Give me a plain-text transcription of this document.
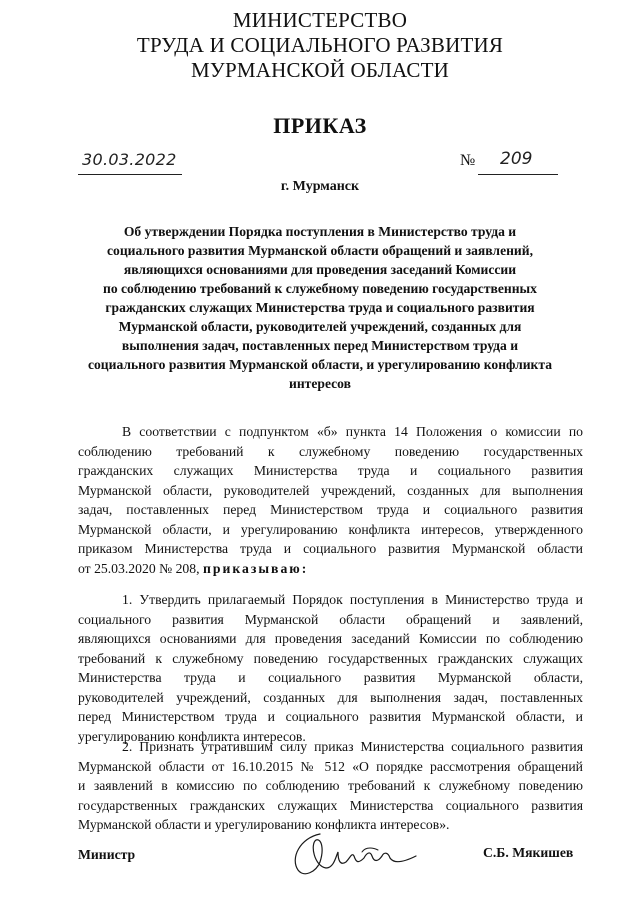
МИНИСТЕРСТВО
ТРУДА И СОЦИАЛЬНОГО РАЗВИТИЯ
МУРМАНСКОЙ ОБЛАСТИ
ПРИКАЗ
30.03.2022	№ 209
г. Мурманск
Об утверждении Порядка поступления в Министерство труда и
социального развития Мурманской области обращений и заявлений,
являющихся основаниями для проведения заседаний Комиссии
по соблюдению требований к служебному поведению государственных
гражданских служащих Министерства труда и социального развития
Мурманской области, руководителей учреждений, созданных для
выполнения задач, поставленных перед Министерством труда и
социального развития Мурманской области, и урегулированию конфликта
интересов
В соответствии с подпунктом «б» пункта 14 Положения о комиссии по
соблюдению требований к служебному поведению государственных
гражданских служащих Министерства труда и социального развития
Мурманской области, руководителей учреждений, созданных для выполнения
задач, поставленных перед Министерством труда и социального развития
Мурманской области, и урегулированию конфликта интересов, утвержденного
приказом Министерства труда и социального развития Мурманской области
от 25.03.2020 № 208, приказываю:
1. Утвердить прилагаемый Порядок поступления в Министерство труда и
социального развития Мурманской области обращений и заявлений,
являющихся основаниями для проведения заседаний Комиссии по соблюдению
требований к служебному поведению государственных гражданских служащих
Министерства труда и социального развития Мурманской области,
руководителей учреждений, созданных для выполнения задач, поставленных
перед Министерством труда и социального развития Мурманской области, и
урегулированию конфликта интересов.
2. Признать утратившим силу приказ Министерства социального развития
Мурманской области от 16.10.2015 № 512 «О порядке рассмотрения обращений
и заявлений в комиссию по соблюдению требований к служебному поведению
государственных гражданских служащих Министерства социального развития
Мурманской области и урегулированию конфликта интересов».
Министр	С.Б. Мякишев
